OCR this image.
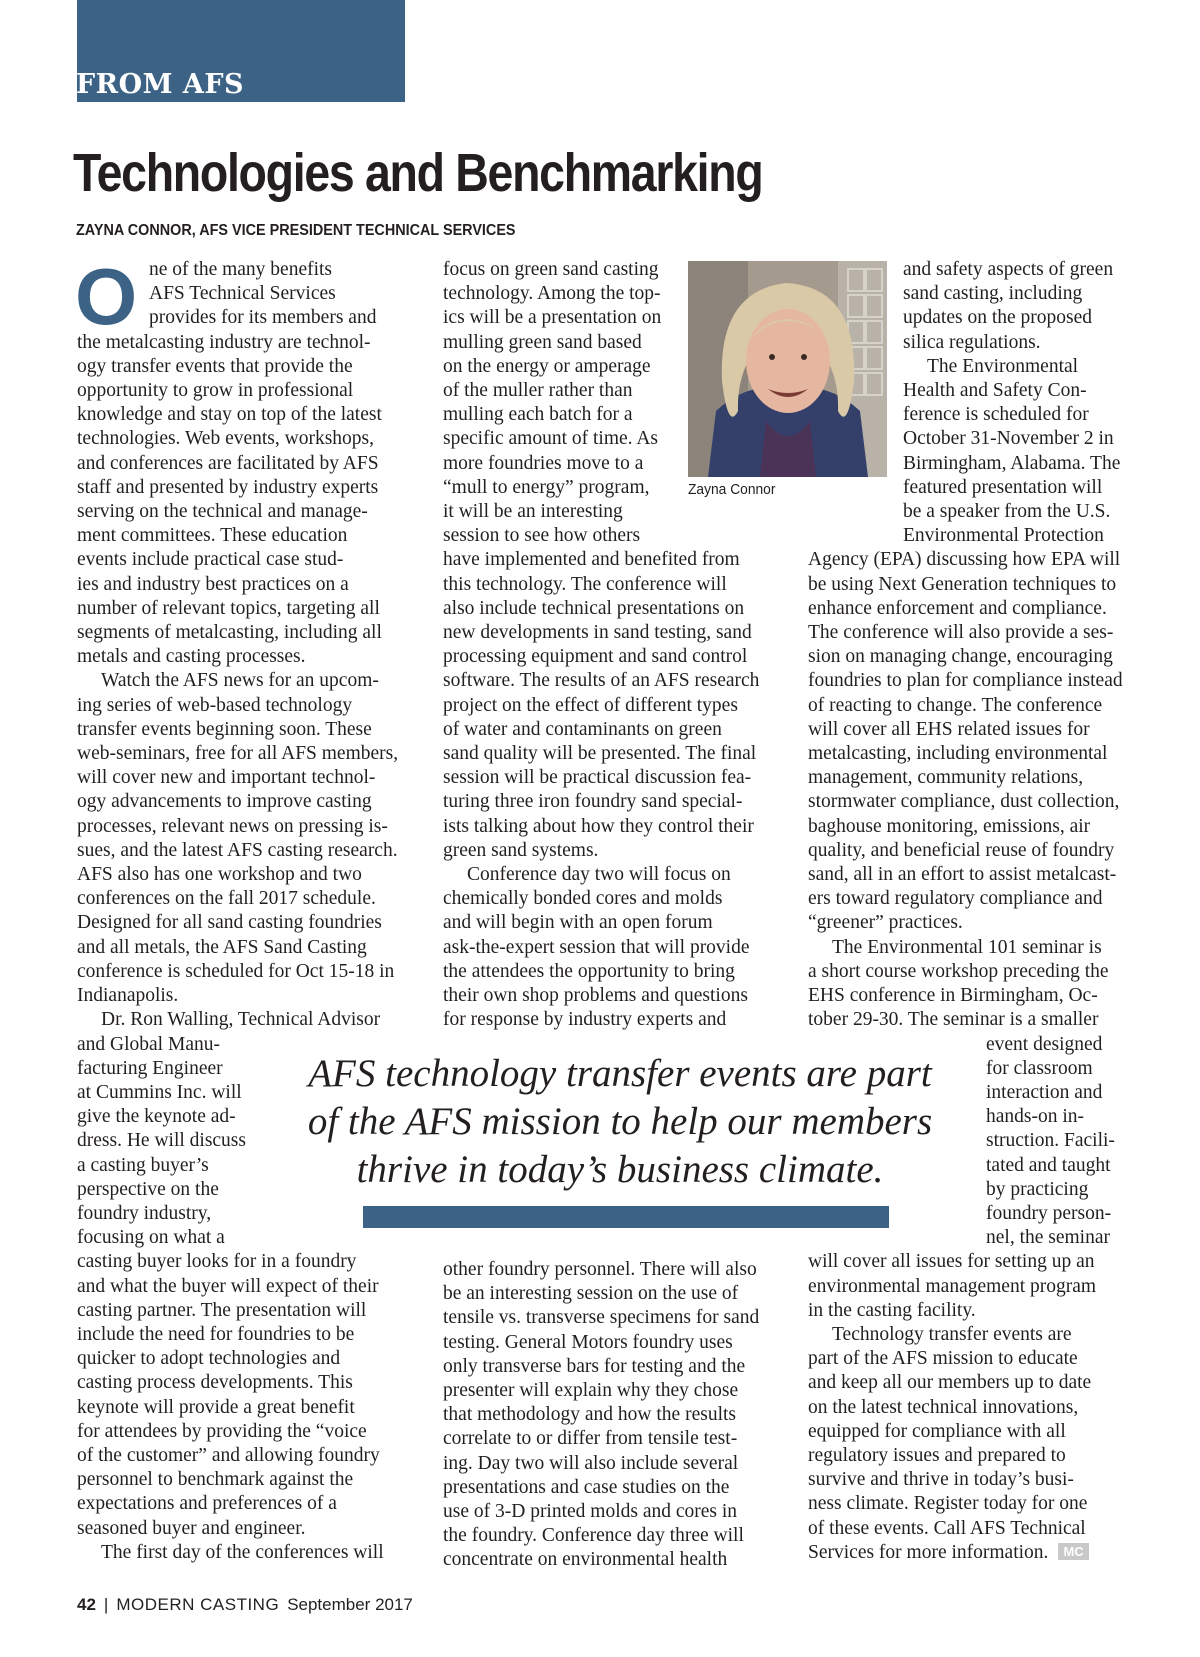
FROM AFS
Technologies and Benchmarking

ZAYNA CONNOR, AFS VICE PRESIDENT TECHNICAL SERVICES

O ne of the many benefits
AFS Technical Services
provides for its members and

the metalcasting industry are technol-
ogy transfer events that provide the
opportunity to grow in professional
knowledge and stay on top of the latest
technologies. Web events, workshops,
and conferences are facilitated by AFS
staff and presented by industry experts
serving on the technical and manage-
ment committees. These education
events include practical case stud-
ies and industry best practices on a
number of relevant topics, targeting all
segments of metalcasting, including all
metals and casting processes.

Watch the AFS news for an upcom-
ing series of web-based technology
transfer events beginning soon. These
web-seminars, free for all AFS members,
will cover new and important technol-
ogy advancements to improve casting
processes, relevant news on pressing is-
sues, and the latest AFS casting research.
AFS also has one workshop and two
conferences on the fall 2017 schedule.
Designed for all sand casting foundries
and all metals, the AFS Sand Casting
conference is scheduled for Oct 15-18 in
Indianapolis.

Dr. Ron Walling, Technical Advisor
and Global Manu-
facturing Engineer
at Cummins Inc. will
give the keynote ad-
dress. He will discuss
a casting buyer’s
perspective on the
foundry industry,
focusing on what a
casting buyer looks for in a foundry
and what the buyer will expect of their
casting partner. The presentation will
include the need for foundries to be
quicker to adopt technologies and
casting process developments. This
keynote will provide a great benefit
for attendees by providing the “voice
of the customer” and allowing foundry
personnel to benchmark against the
expectations and preferences of a
seasoned buyer and engineer.

The first day of the conferences will

focus on green sand casting
technology. Among the top-
ics will be a presentation on
mulling green sand based
on the energy or amperage
of the muller rather than
mulling each batch for a
specific amount of time. As
more foundries move to a
“mull to energy” program,
it will be an interesting
session to see how others
have implemented and benefited from
this technology. The conference will
also include technical presentations on
new developments in sand testing, sand
processing equipment and sand control
software. The results of an AFS research
project on the effect of different types
of water and contaminants on green
sand quality will be presented. The final
session will be practical discussion fea-
turing three iron foundry sand special-
ists talking about how they control their
green sand systems.

Conference day two will focus on
chemically bonded cores and molds
and will begin with an open forum
ask-the-expert session that will provide
the attendees the opportunity to bring
their own shop problems and questions
for response by industry experts and

Zayna Connor

other foundry personnel. There will also
be an interesting session on the use of
tensile vs. transverse specimens for sand
testing. General Motors foundry uses
only transverse bars for testing and the
presenter will explain why they chose
that methodology and how the results
correlate to or differ from tensile test-
ing. Day two will also include several
presentations and case studies on the
use of 3-D printed molds and cores in
the foundry. Conference day three will
concentrate on environmental health

and safety aspects of green
sand casting, including
updates on the proposed
silica regulations.

The Environmental
Health and Safety Con-
ference is scheduled for
October 31-November 2 in
Birmingham, Alabama. The
featured presentation will
be a speaker from the U.S.
Environmental Protection
Agency (EPA) discussing how EPA will
be using Next Generation techniques to
enhance enforcement and compliance.
The conference will also provide a ses-
sion on managing change, encouraging
foundries to plan for compliance instead
of reacting to change. The conference
will cover all EHS related issues for
metalcasting, including environmental
management, community relations,
stormwater compliance, dust collection,
baghouse monitoring, emissions, air
quality, and beneficial reuse of foundry
sand, all in an effort to assist metalcast-
ers toward regulatory compliance and
“greener” practices.

The Environmental 101 seminar is
a short course workshop preceding the
EHS conference in Birmingham, Oc-
tober 29-30. The seminar is a smaller
event designed
for classroom
interaction and
hands-on in-
struction. Facili-
tated and taught
by practicing
foundry person-
nel, the seminar
will cover all issues for setting up an
environmental management program
in the casting facility.

Technology transfer events are
part of the AFS mission to educate
and keep all our members up to date
on the latest technical innovations,
equipped for compliance with all
regulatory issues and prepared to
survive and thrive in today’s busi-
ness climate. Register today for one
of these events. Call AFS Technical
Services for more information. MC

AFS technology transfer events are part
of the AFS mission to help our members
thrive in today’s business climate.

42 | MODERN CASTING September 2017
